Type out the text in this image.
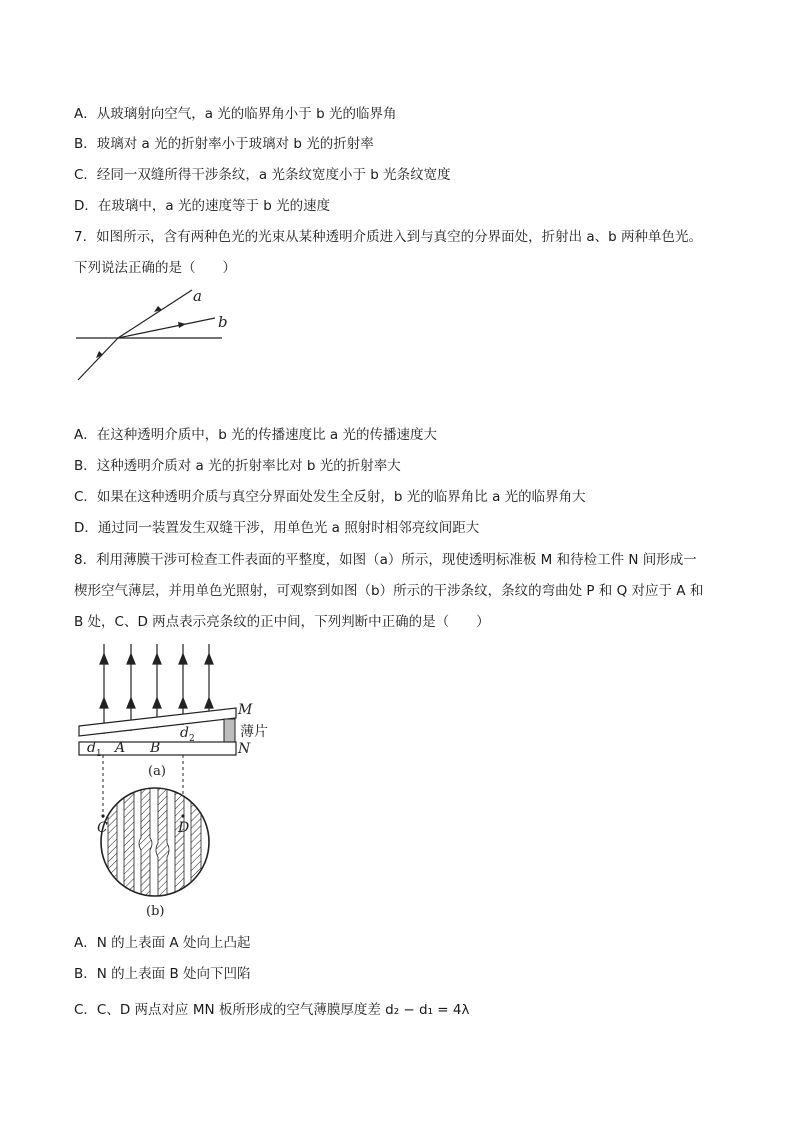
A．从玻璃射向空气，a 光的临界角小于 b 光的临界角
B．玻璃对 a 光的折射率小于玻璃对 b 光的折射率
C．经同一双缝所得干涉条纹，a 光条纹宽度小于 b 光条纹宽度
D．在玻璃中，a 光的速度等于 b 光的速度
7．如图所示，含有两种色光的光束从某种透明介质进入到与真空的分界面处，折射出 a、b 两种单色光。
下列说法正确的是（　　）
a
b
A．在这种透明介质中，b 光的传播速度比 a 光的传播速度大
B．这种透明介质对 a 光的折射率比对 b 光的折射率大
C．如果在这种透明介质与真空分界面处发生全反射，b 光的临界角比 a 光的临界角大
D．通过同一装置发生双缝干涉，用单色光 a 照射时相邻亮纹间距大
8．利用薄膜干涉可检查工件表面的平整度，如图（a）所示，现使透明标准板 M 和待检工件 N 间形成一
楔形空气薄层，并用单色光照射，可观察到如图（b）所示的干涉条纹，条纹的弯曲处 P 和 Q 对应于 A 和
B 处，C、D 两点表示亮条纹的正中间，下列判断中正确的是（　　）
M
薄片
N
d 1 A B
d 2
(a)
C	D
(b)
A．N 的上表面 A 处向上凸起
B．N 的上表面 B 处向下凹陷
C．C、D 两点对应 MN 板所形成的空气薄膜厚度差 d₂ − d₁ = 4λ
